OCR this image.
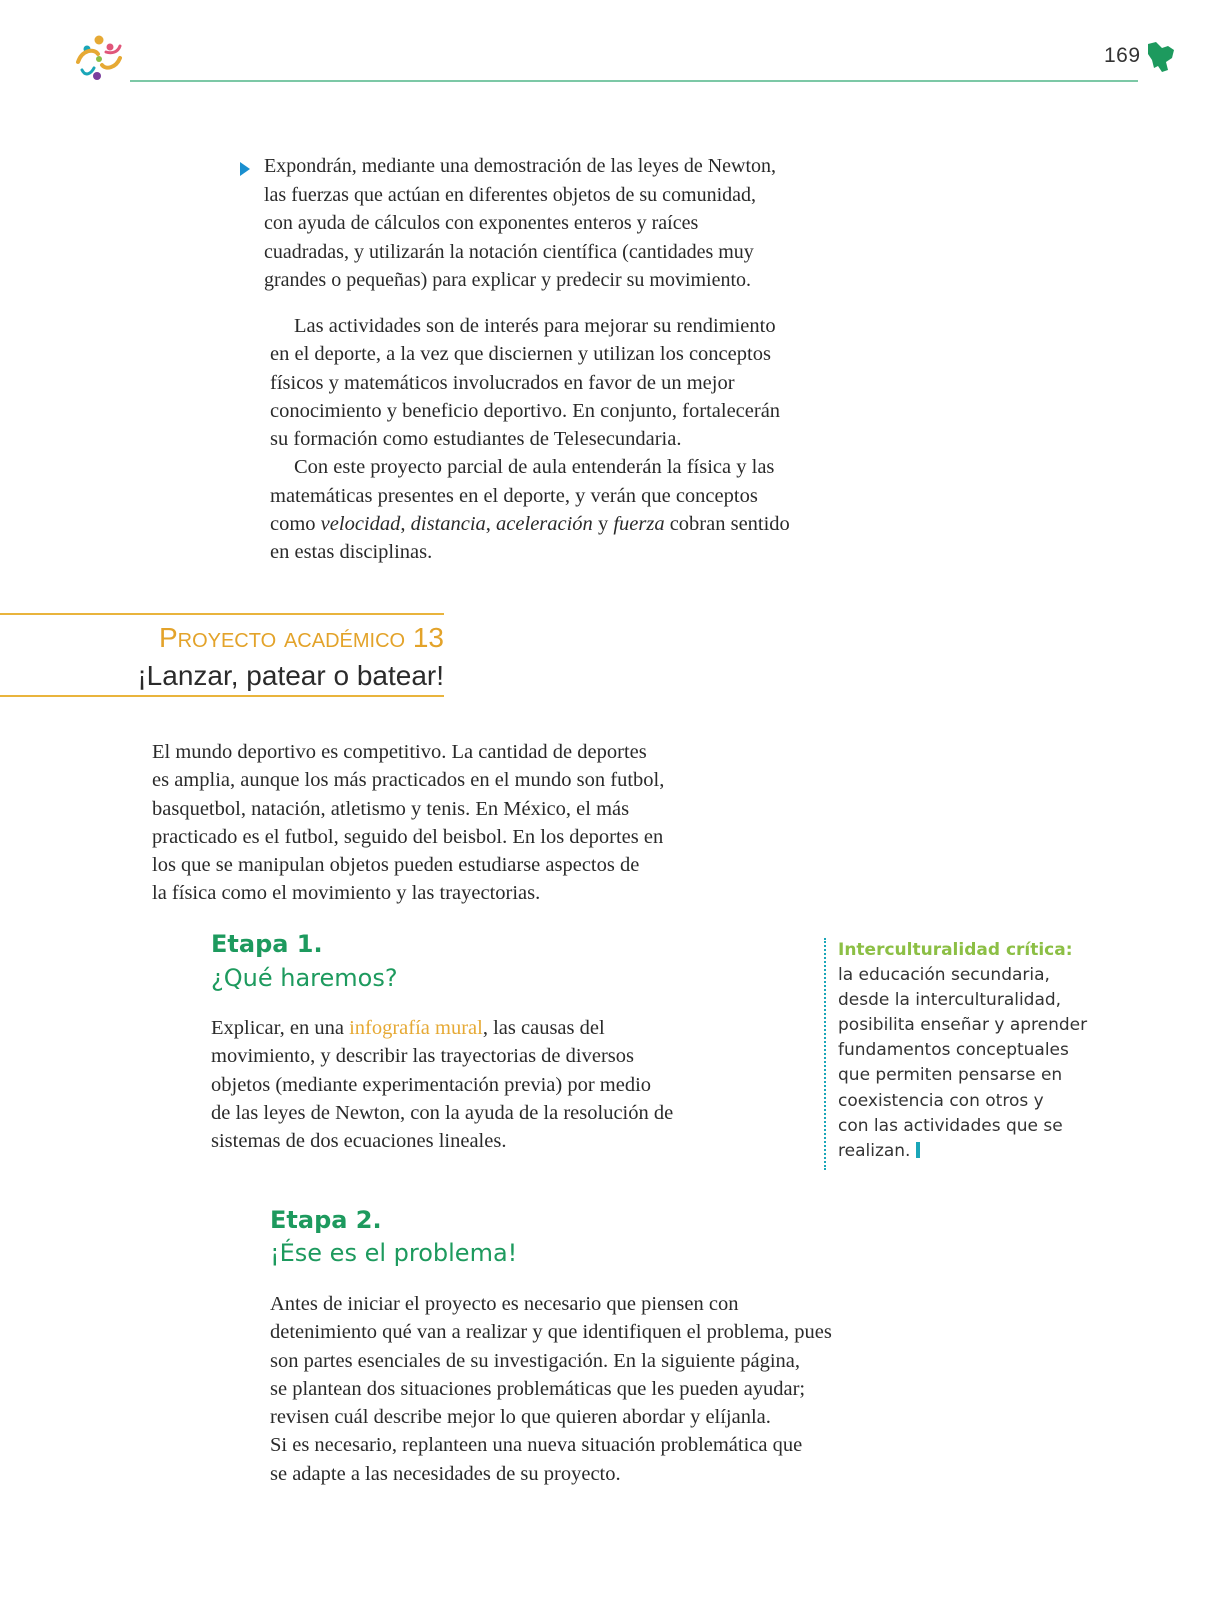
169
Expondrán, mediante una demostración de las leyes de Newton,
las fuerzas que actúan en diferentes objetos de su comunidad,
con ayuda de cálculos con exponentes enteros y raíces
cuadradas, y utilizarán la notación científica (cantidades muy
grandes o pequeñas) para explicar y predecir su movimiento.
Las actividades son de interés para mejorar su rendimiento
en el deporte, a la vez que disciernen y utilizan los conceptos
físicos y matemáticos involucrados en favor de un mejor
conocimiento y beneficio deportivo. En conjunto, fortalecerán
su formación como estudiantes de Telesecundaria.
Con este proyecto parcial de aula entenderán la física y las
matemáticas presentes en el deporte, y verán que conceptos
como velocidad, distancia, aceleración y fuerza cobran sentido
en estas disciplinas.
Proyecto académico 13
¡Lanzar, patear o batear!
El mundo deportivo es competitivo. La cantidad de deportes
es amplia, aunque los más practicados en el mundo son futbol,
basquetbol, natación, atletismo y tenis. En México, el más
practicado es el futbol, seguido del beisbol. En los deportes en
los que se manipulan objetos pueden estudiarse aspectos de
la física como el movimiento y las trayectorias.
Etapa 1.
¿Qué haremos?
Explicar, en una infografía mural, las causas del
movimiento, y describir las trayectorias de diversos
objetos (mediante experimentación previa) por medio
de las leyes de Newton, con la ayuda de la resolución de
sistemas de dos ecuaciones lineales.
Interculturalidad crítica:
la educación secundaria,
desde la interculturalidad,
posibilita enseñar y aprender
fundamentos conceptuales
que permiten pensarse en
coexistencia con otros y
con las actividades que se
realizan.
Etapa 2.
¡Ése es el problema!
Antes de iniciar el proyecto es necesario que piensen con
detenimiento qué van a realizar y que identifiquen el problema, pues
son partes esenciales de su investigación. En la siguiente página,
se plantean dos situaciones problemáticas que les pueden ayudar;
revisen cuál describe mejor lo que quieren abordar y elíjanla.
Si es necesario, replanteen una nueva situación problemática que
se adapte a las necesidades de su proyecto.
